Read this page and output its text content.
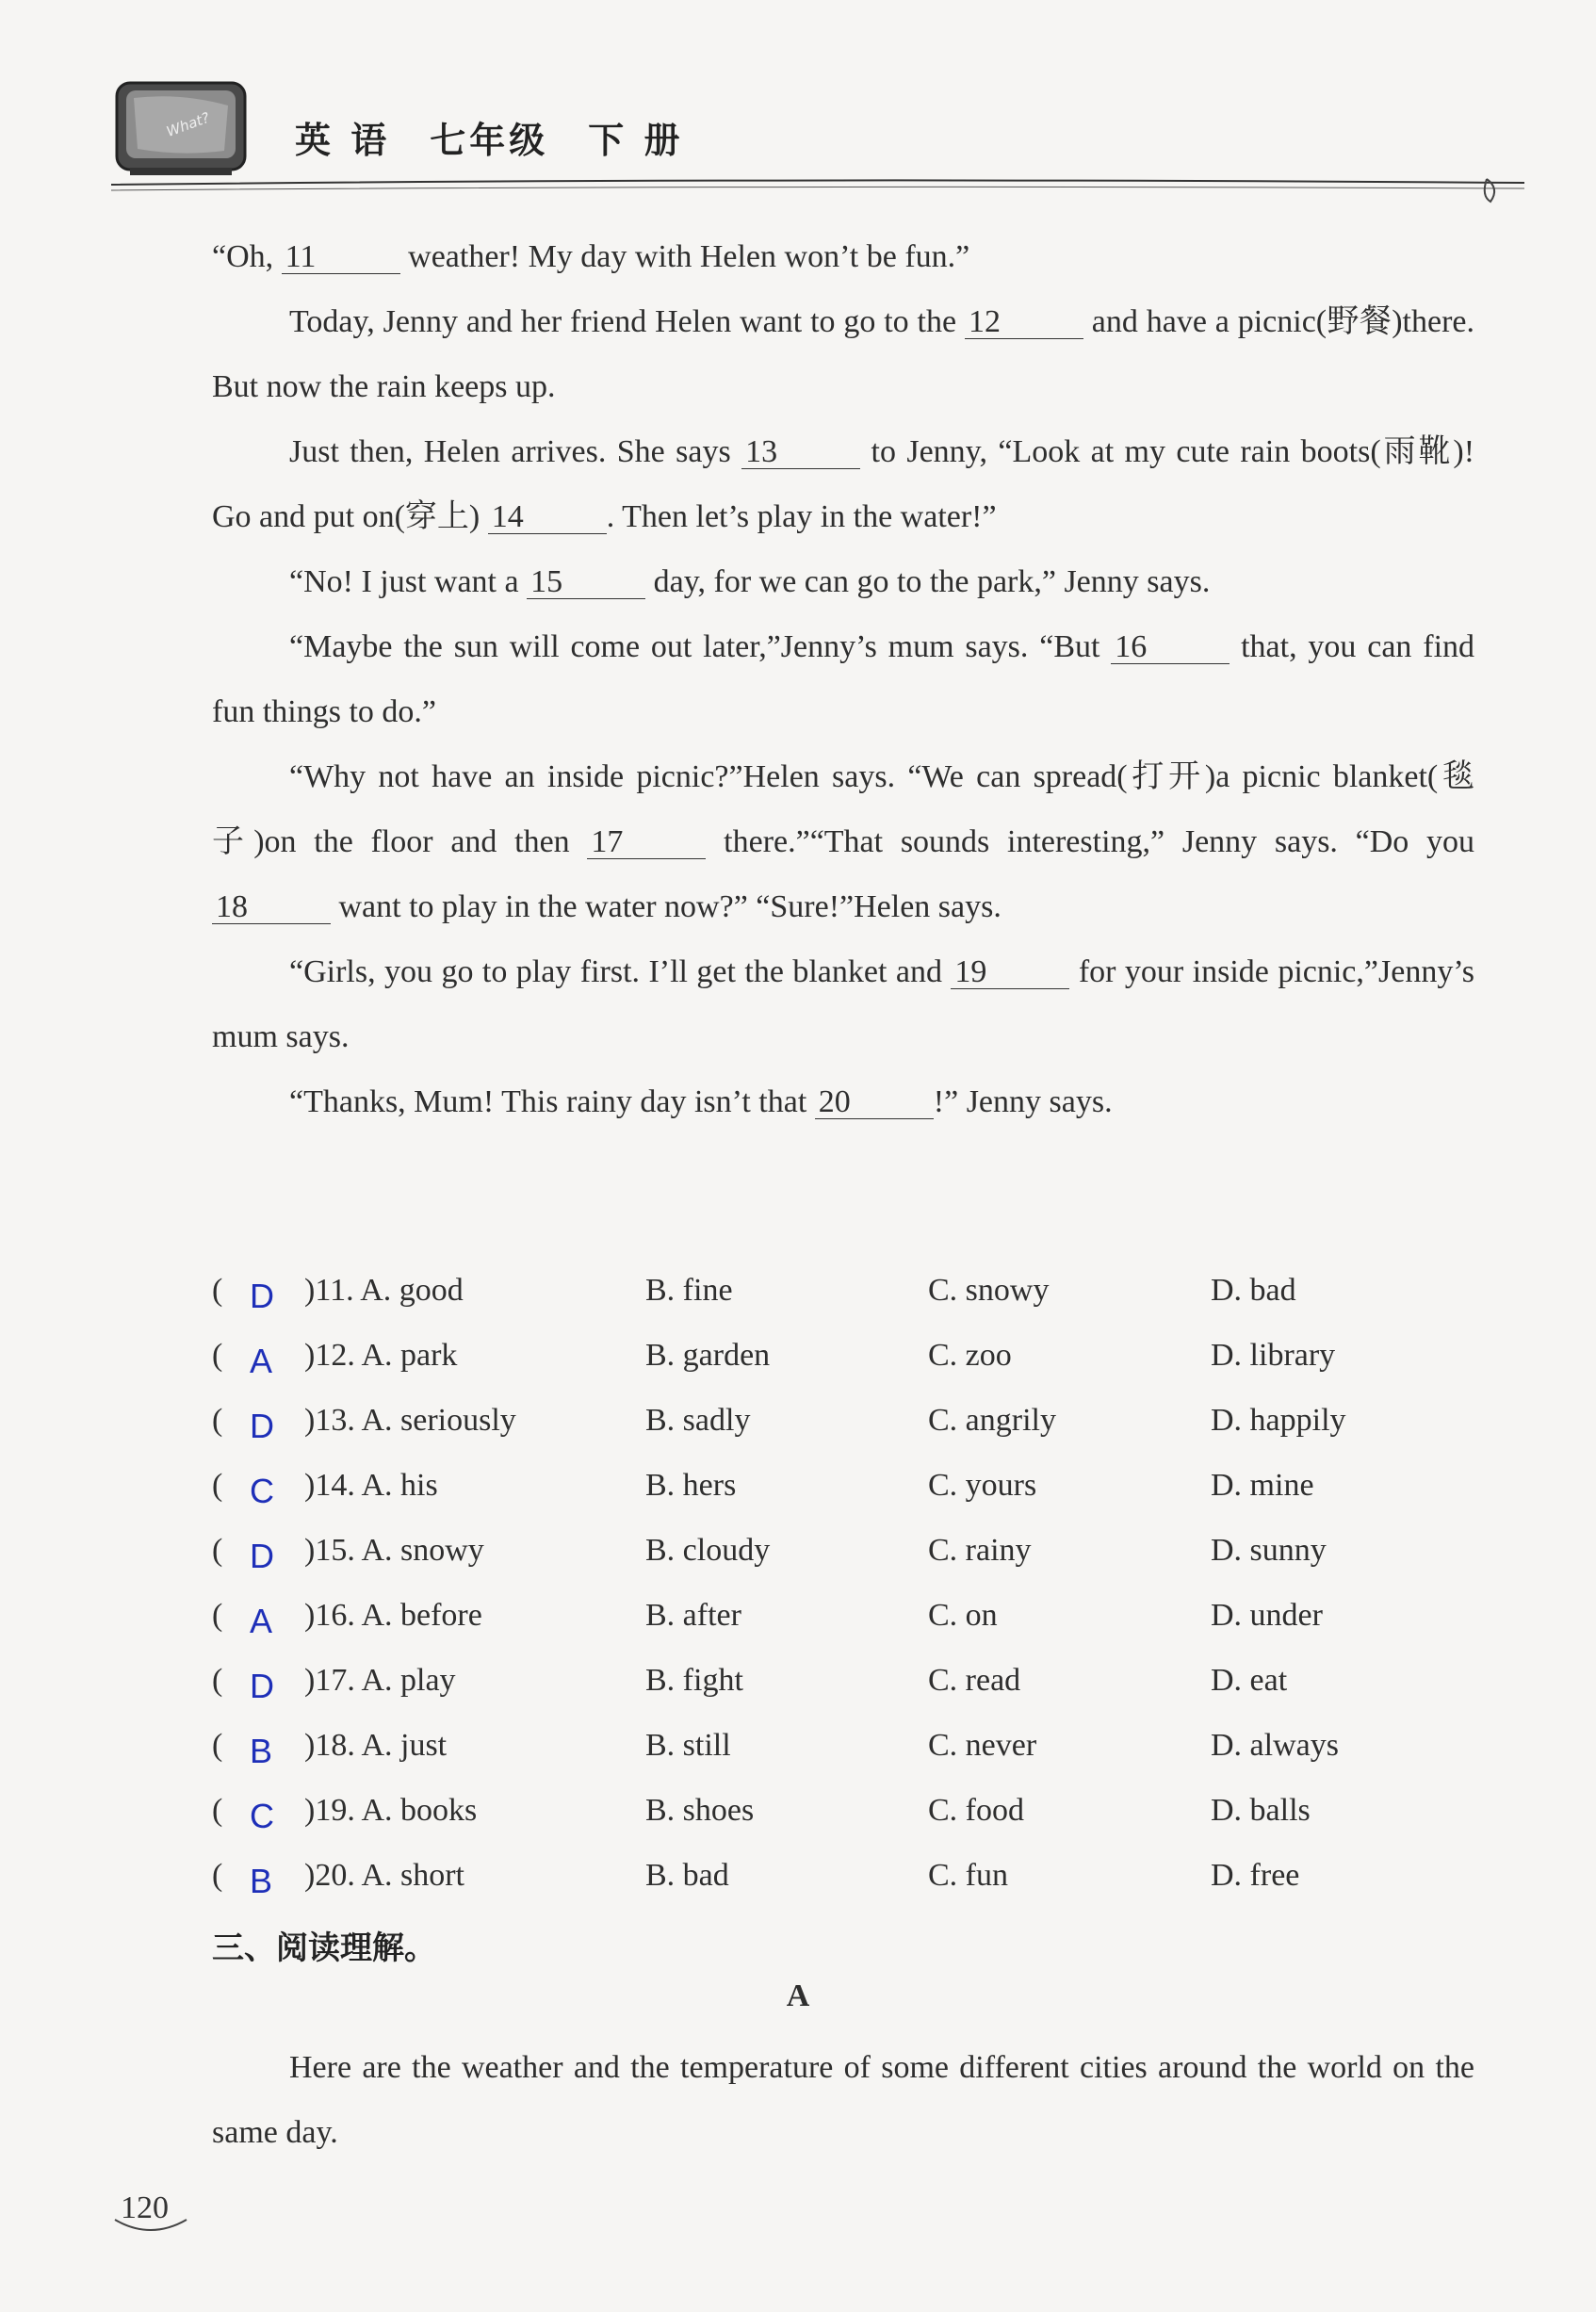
What? 英 语　七年级　下 册

“Oh, 11	weather! My day with Helen won’t be fun.”

Today, Jenny and her friend Helen want to go to the 12	and have a picnic(野餐)there. But now the rain keeps up.

Just then, Helen arrives. She says 13	to Jenny, “Look at my cute rain boots(雨靴)! Go and put on(穿上) 14	. Then let’s play in the water!”

“No! I just want a 15	day, for we can go to the park,” Jenny says.

“Maybe the sun will come out later,”Jenny’s mum says. “But 16	that, you can find fun things to do.”

“Why not have an inside picnic?”Helen says. “We can spread(打开)a picnic blanket(毯子)on the floor and then 17	there.”“That sounds interesting,” Jenny says. “Do you 18	want to play in the water now?” “Sure!”Helen says.

“Girls, you go to play first. I’ll get the blanket and 19	for your inside picnic,”Jenny’s mum says.

“Thanks, Mum! This rainy day isn’t that 20	!” Jenny says.

( D )11. A. good	B. fine	C. snowy	D. bad
( A )12. A. park	B. garden	C. zoo	D. library
( D )13. A. seriously	B. sadly	C. angrily	D. happily
( C )14. A. his	B. hers	C. yours	D. mine
( D )15. A. snowy	B. cloudy	C. rainy	D. sunny
( A )16. A. before	B. after	C. on	D. under
( D )17. A. play	B. fight	C. read	D. eat
( B )18. A. just	B. still	C. never	D. always
( C )19. A. books	B. shoes	C. food	D. balls
( B )20. A. short	B. bad	C. fun	D. free
三、阅读理解。
A

Here are the weather and the temperature of some different cities around the world on the same day.

120
